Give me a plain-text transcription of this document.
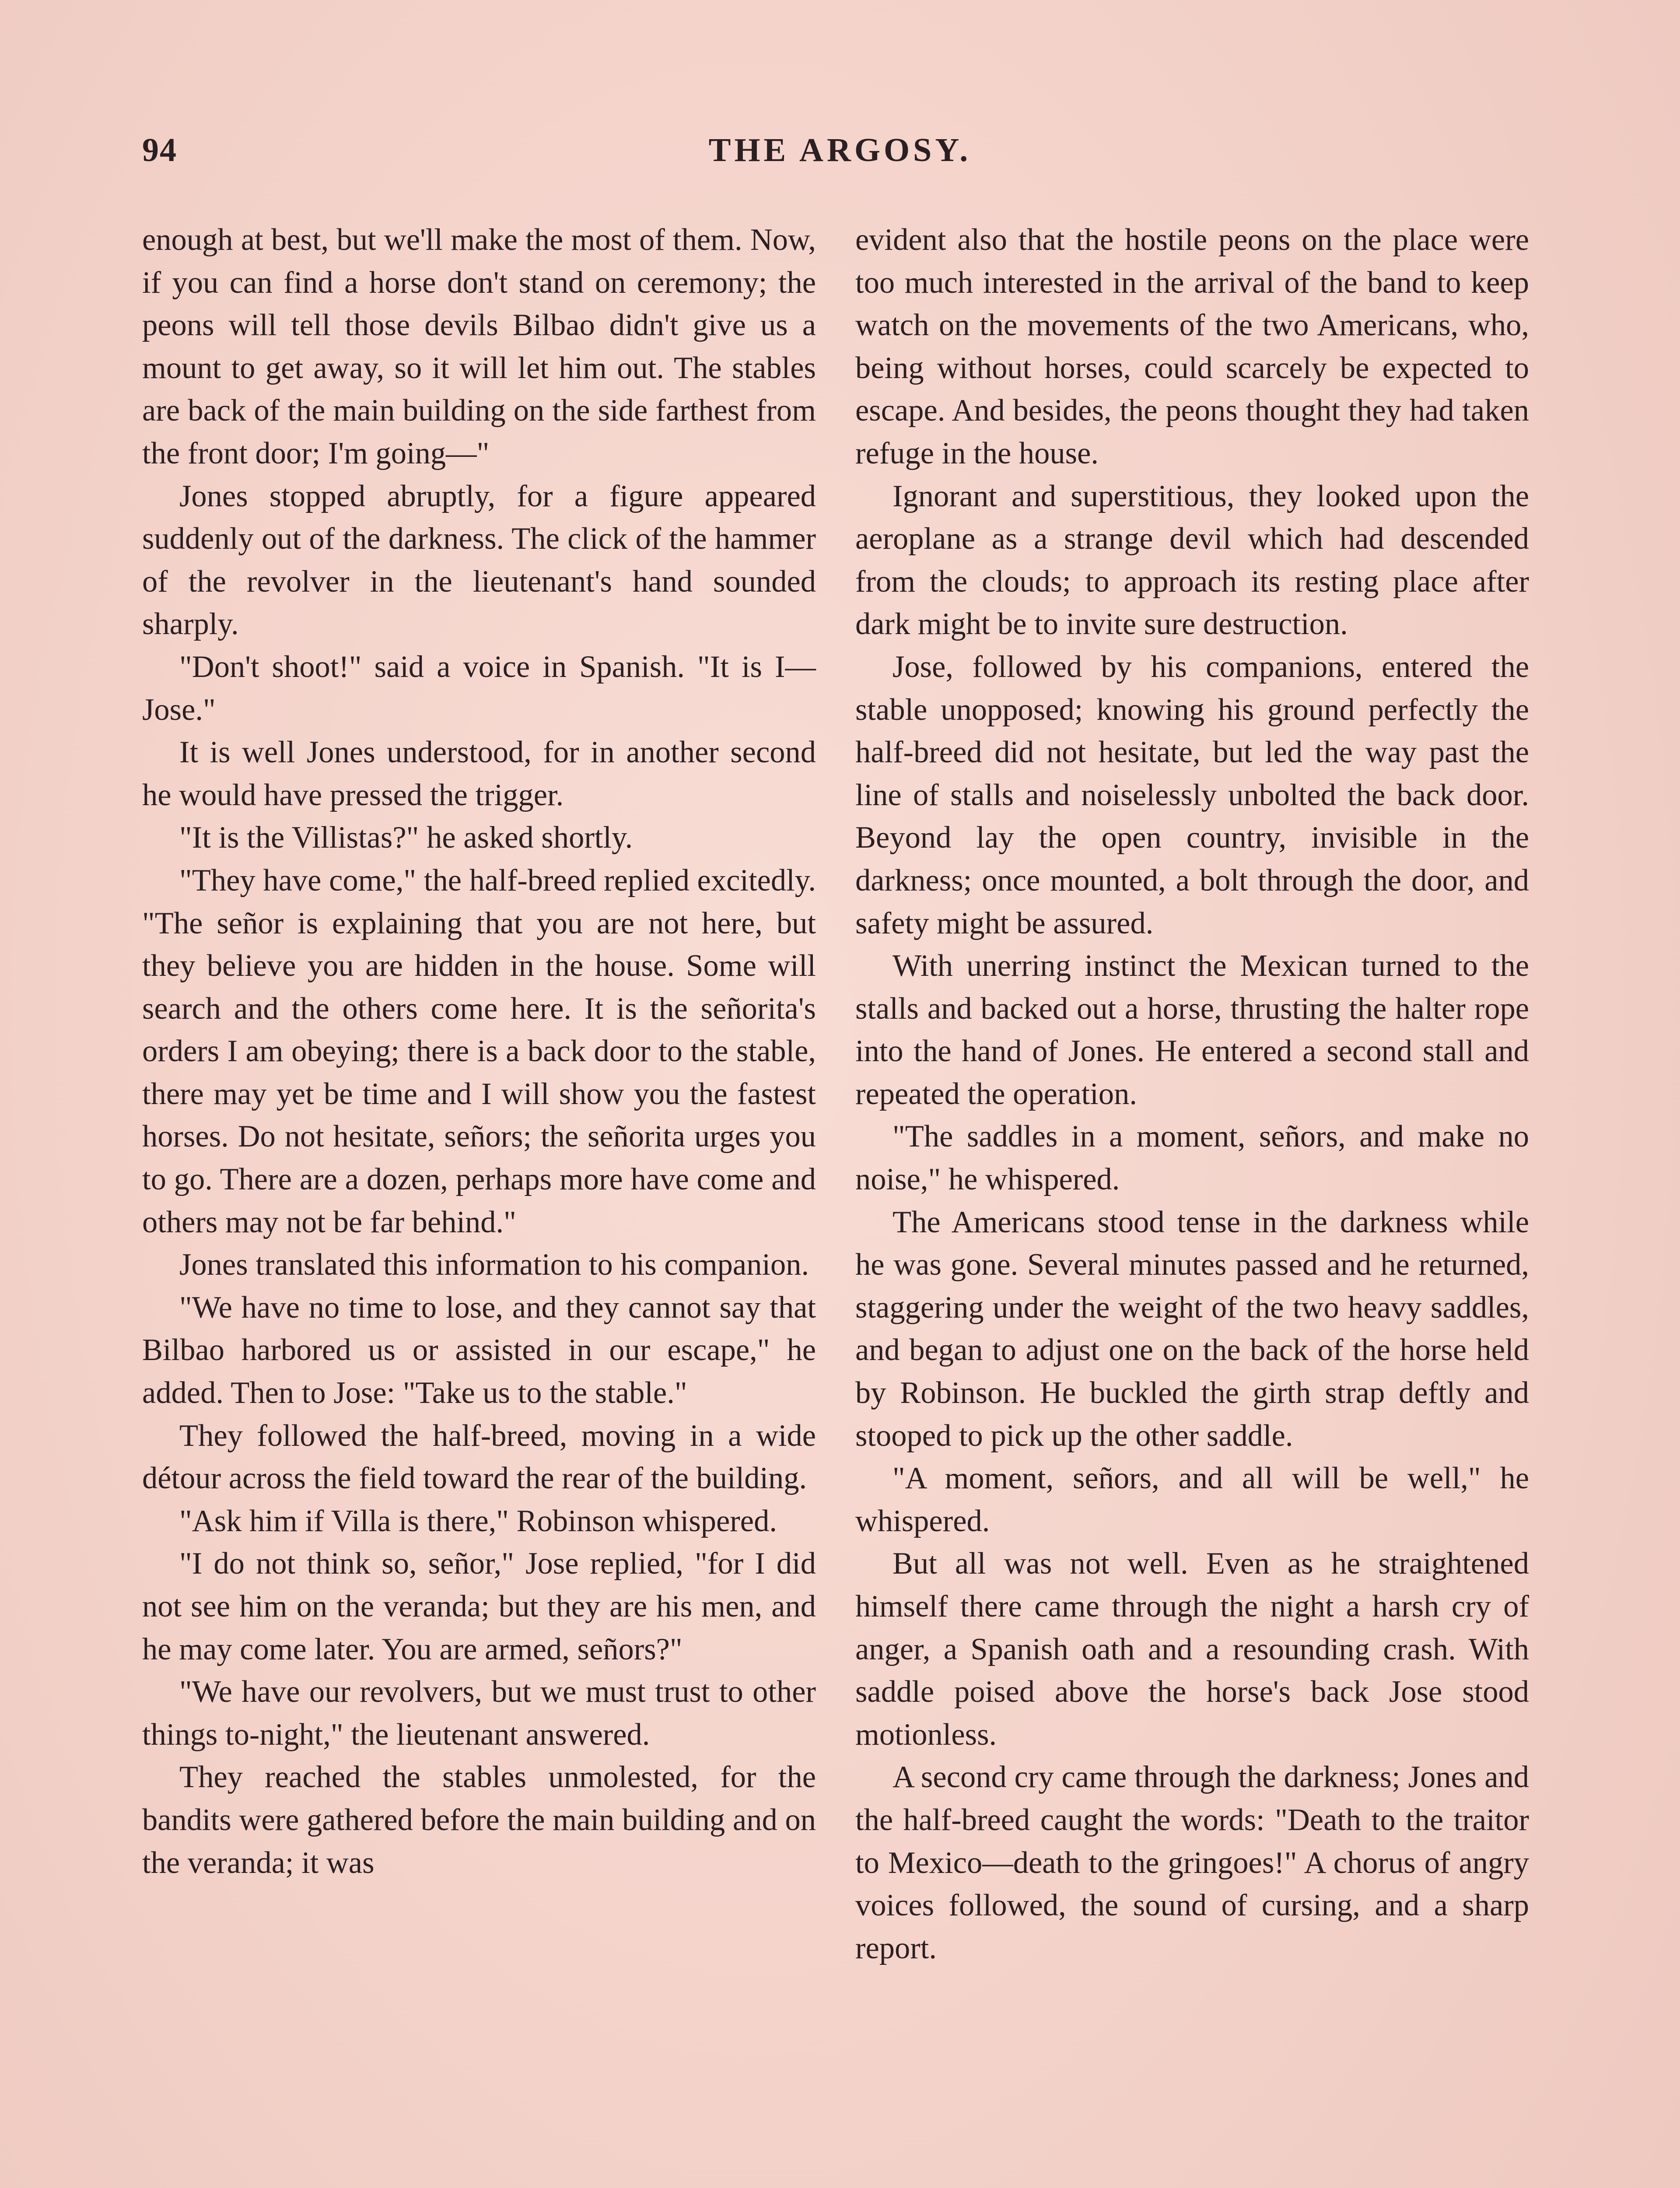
94	THE ARGOSY.

enough at best, but we'll make the most of them. Now, if you can find a horse don't stand on ceremony; the peons will tell those devils Bilbao didn't give us a mount to get away, so it will let him out. The stables are back of the main building on the side farthest from the front door; I'm going—"

Jones stopped abruptly, for a figure appeared suddenly out of the darkness. The click of the hammer of the revolver in the lieutenant's hand sounded sharply.

"Don't shoot!" said a voice in Spanish. "It is I—Jose."

It is well Jones understood, for in another second he would have pressed the trigger.

"It is the Villistas?" he asked shortly.

"They have come," the half-breed replied excitedly. "The señor is explaining that you are not here, but they believe you are hidden in the house. Some will search and the others come here. It is the señorita's orders I am obeying; there is a back door to the stable, there may yet be time and I will show you the fastest horses. Do not hesitate, señors; the señorita urges you to go. There are a dozen, perhaps more have come and others may not be far behind."

Jones translated this information to his companion.

"We have no time to lose, and they cannot say that Bilbao harbored us or assisted in our escape," he added. Then to Jose: "Take us to the stable."

They followed the half-breed, moving in a wide détour across the field toward the rear of the building.

"Ask him if Villa is there," Robinson whispered.

"I do not think so, señor," Jose replied, "for I did not see him on the veranda; but they are his men, and he may come later. You are armed, señors?"

"We have our revolvers, but we must trust to other things to-night," the lieutenant answered.

They reached the stables unmolested, for the bandits were gathered before the main building and on the veranda; it was

evident also that the hostile peons on the place were too much interested in the arrival of the band to keep watch on the movements of the two Americans, who, being without horses, could scarcely be expected to escape. And besides, the peons thought they had taken refuge in the house.

Ignorant and superstitious, they looked upon the aeroplane as a strange devil which had descended from the clouds; to approach its resting place after dark might be to invite sure destruction.

Jose, followed by his companions, entered the stable unopposed; knowing his ground perfectly the half-breed did not hesitate, but led the way past the line of stalls and noiselessly unbolted the back door. Beyond lay the open country, invisible in the darkness; once mounted, a bolt through the door, and safety might be assured.

With unerring instinct the Mexican turned to the stalls and backed out a horse, thrusting the halter rope into the hand of Jones. He entered a second stall and repeated the operation.

"The saddles in a moment, señors, and make no noise," he whispered.

The Americans stood tense in the darkness while he was gone. Several minutes passed and he returned, staggering under the weight of the two heavy saddles, and began to adjust one on the back of the horse held by Robinson. He buckled the girth strap deftly and stooped to pick up the other saddle.

"A moment, señors, and all will be well," he whispered.

But all was not well. Even as he straightened himself there came through the night a harsh cry of anger, a Spanish oath and a resounding crash. With saddle poised above the horse's back Jose stood motionless.

A second cry came through the darkness; Jones and the half-breed caught the words: "Death to the traitor to Mexico—death to the gringoes!" A chorus of angry voices followed, the sound of cursing, and a sharp report.
